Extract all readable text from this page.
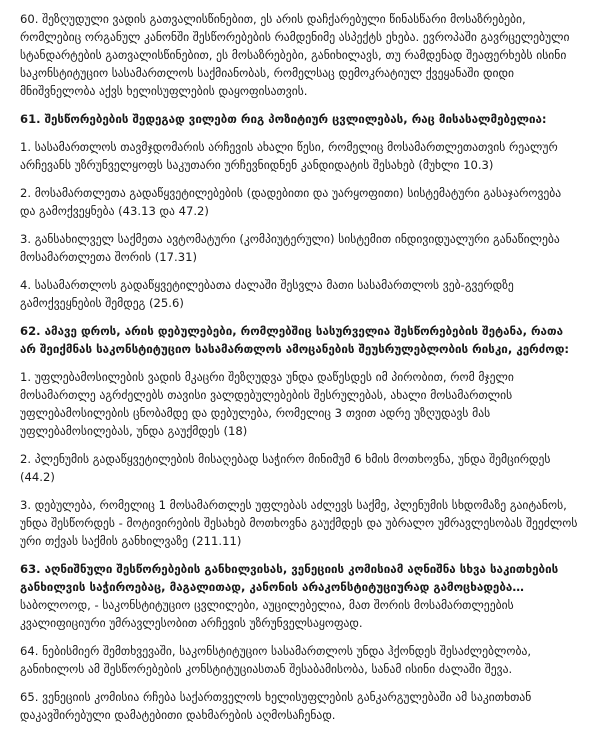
60. შეზღუდული ვადის გათვალისწინებით, ეს არის დაჩქარებული წინასწარი მოსაზრებები, რომლებიც ორგანულ კანონში შესწორებების რამდენიმე ასპექტს ეხება. ევროპაში გავრცელებული სტანდარტების გათვალისწინებით, ეს მოსაზრებები, განიხილავს, თუ რამდენად შეაფერხებს ისინი საკონსტიტუციო სასამართლოს საქმიანობას, რომელსაც დემოკრატიულ ქვეყანაში დიდი მნიშვნელობა აქვს ხელისუფლების დაყოფისათვის.

61. შესწორებების შედეგად ვილებთ რიგ პოზიტიურ ცვლილებას, რაც მისასალმებელია:

1. სასამართლოს თავმჯდომარის არჩევის ახალი წესი, რომელიც მოსამართლეთათვის რეალურ არჩევანს უზრუნველყოფს საკუთარი ურჩევნიდნენ კანდიდატის შესახებ (მუხლი 10.3)

2. მოსამართლეთა გადაწყვეტილებების (დადებითი და უარყოფითი) სისტემატური გასაჯაროვება და გამოქვეყნება (43.13 და 47.2)

3. განსახილველ საქმეთა ავტომატური (კომპიუტერული) სისტემით ინდივიდუალური განაწილება მოსამართლეთა შორის (17.31)

4. სასამართლოს გადაწყვეტილებათა ძალაში შესვლა მათი სასამართლოს ვებ-გვერდზე გამოქვეყნების შემდეგ (25.6)

62. ამავე დროს, არის დებულებები, რომლებშიც სასურველია შესწორებების შეტანა, რათა არ შეიქმნას საკონსტიტუციო სასამართლოს ამოცანების შეუსრულებლობის რისკი, კერძოდ:

1. უფლებამოსილების ვადის მკაცრი შეზღუდვა უნდა დაწესდეს იმ პირობით, რომ მჯელი მოსამართლე აგრძელებს თავისი ვალდებულებების შესრულებას, ახალი მოსამართლის უფლებამოსილების ცნობამდე და დებულება, რომელიც 3 თვით ადრე უზღუდავს მას უფლებამოსილებას, უნდა გაუქმდეს (18)

2. პლენუმის გადაწყვეტილების მისაღებად საჭირო მინიმუმ 6 ხმის მოთხოვნა, უნდა შემცირდეს (44.2)

3. დებულება, რომელიც 1 მოსამართლეს უფლებას აძლევს საქმე, პლენუმის სხდომაზე გაიტანოს, უნდა შესწორდეს - მოტივირების შესახებ მოთხოვნა გაუქმდეს და უბრალო უმრავლესობას შეეძლოს ური თქვას საქმის განხილვაზე (211.11)

63. აღნიშნული შესწორებების განხილვისას, ვენეციის კომისიამ აღნიშნა სხვა საკითხების განხილვის საჭიროებაც, მაგალითად, კანონის არაკონსტიტუციურად გამოცხადება…
საბოლოოდ, - საკონსტიტუციო ცვლილები, აუცილებელია, მათ შორის მოსამართლეების კვალიფიციური უმრავლესობით არჩევის უზრუნველსაყოფად.

64. ნებისმიერ შემთხვევაში, საკონსტიტუციო სასამართლოს უნდა ჰქონდეს შესაძლებლობა, განიხილოს ამ შესწორებების კონსტიტუციასთან შესაბამისობა, სანამ ისინი ძალაში შევა.

65. ვენეციის კომისია რჩება საქართველოს ხელისუფლების განკარგულებაში ამ საკითხთან დაკავშირებული დამატებითი დახმარების აღმოსაჩენად.
